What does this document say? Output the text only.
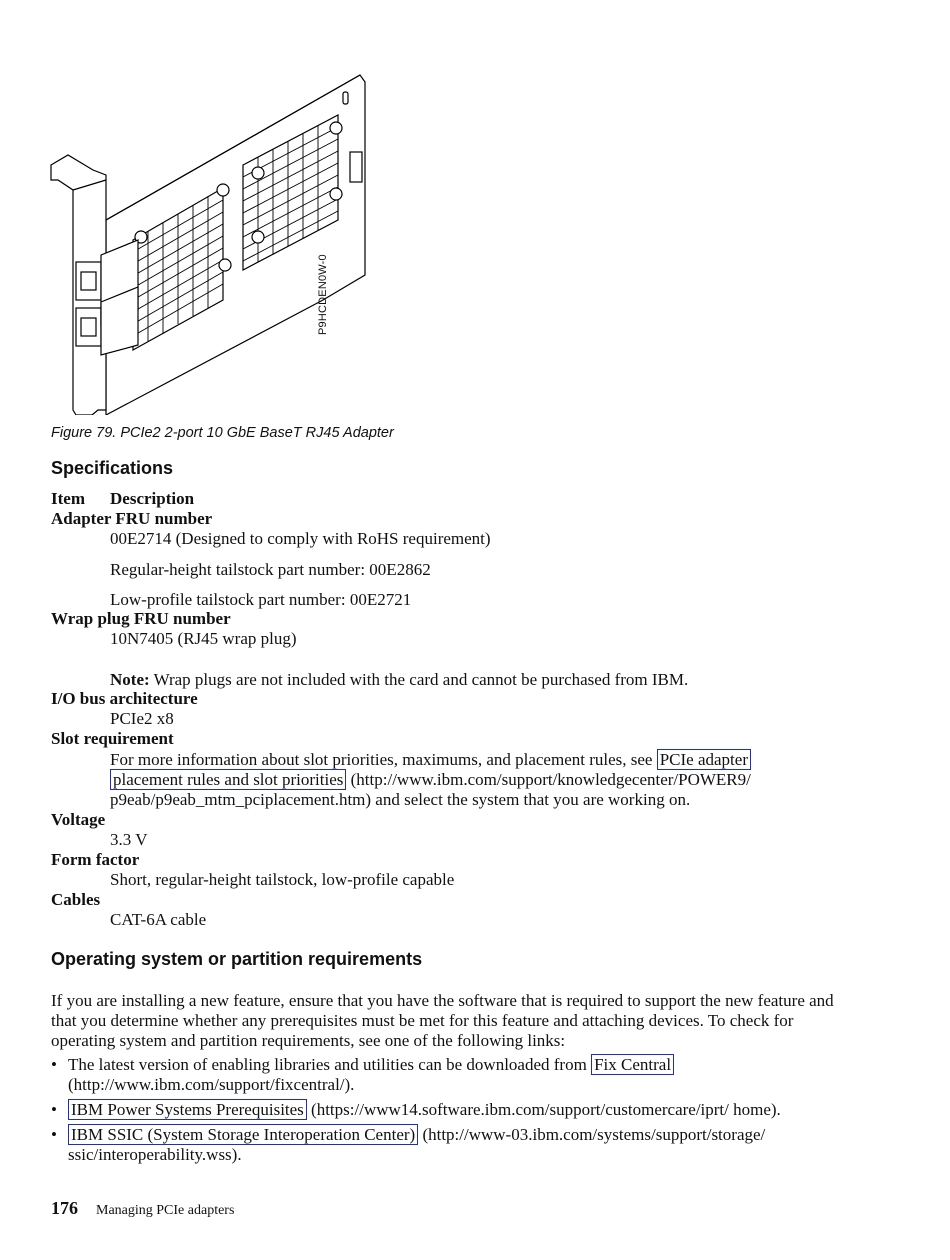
P9HCDEN0W-0
Figure 79. PCIe2 2-port 10 GbE BaseT RJ45 Adapter
Specifications
Item Description
Adapter FRU number
00E2714 (Designed to comply with RoHS requirement)
Regular-height tailstock part number: 00E2862
Low-profile tailstock part number: 00E2721
Wrap plug FRU number
10N7405 (RJ45 wrap plug)
Note: Wrap plugs are not included with the card and cannot be purchased from IBM.
I/O bus architecture
PCIe2 x8
Slot requirement
For more information about slot priorities, maximums, and placement rules, see PCIe adapter
placement rules and slot priorities (http://www.ibm.com/support/knowledgecenter/POWER9/
p9eab/p9eab_mtm_pciplacement.htm) and select the system that you are working on.
Voltage
3.3 V
Form factor
Short, regular-height tailstock, low-profile capable
Cables
CAT-6A cable
Operating system or partition requirements
If you are installing a new feature, ensure that you have the software that is required to support the new feature and that you determine whether any prerequisites must be met for this feature and attaching devices. To check for operating system and partition requirements, see one of the following links:
• The latest version of enabling libraries and utilities can be downloaded from Fix Central (http://www.ibm.com/support/fixcentral/).
• IBM Power Systems Prerequisites (https://www14.software.ibm.com/support/customercare/iprt/ home).
• IBM SSIC (System Storage Interoperation Center) (http://www-03.ibm.com/systems/support/storage/ ssic/interoperability.wss).
176 Managing PCIe adapters
